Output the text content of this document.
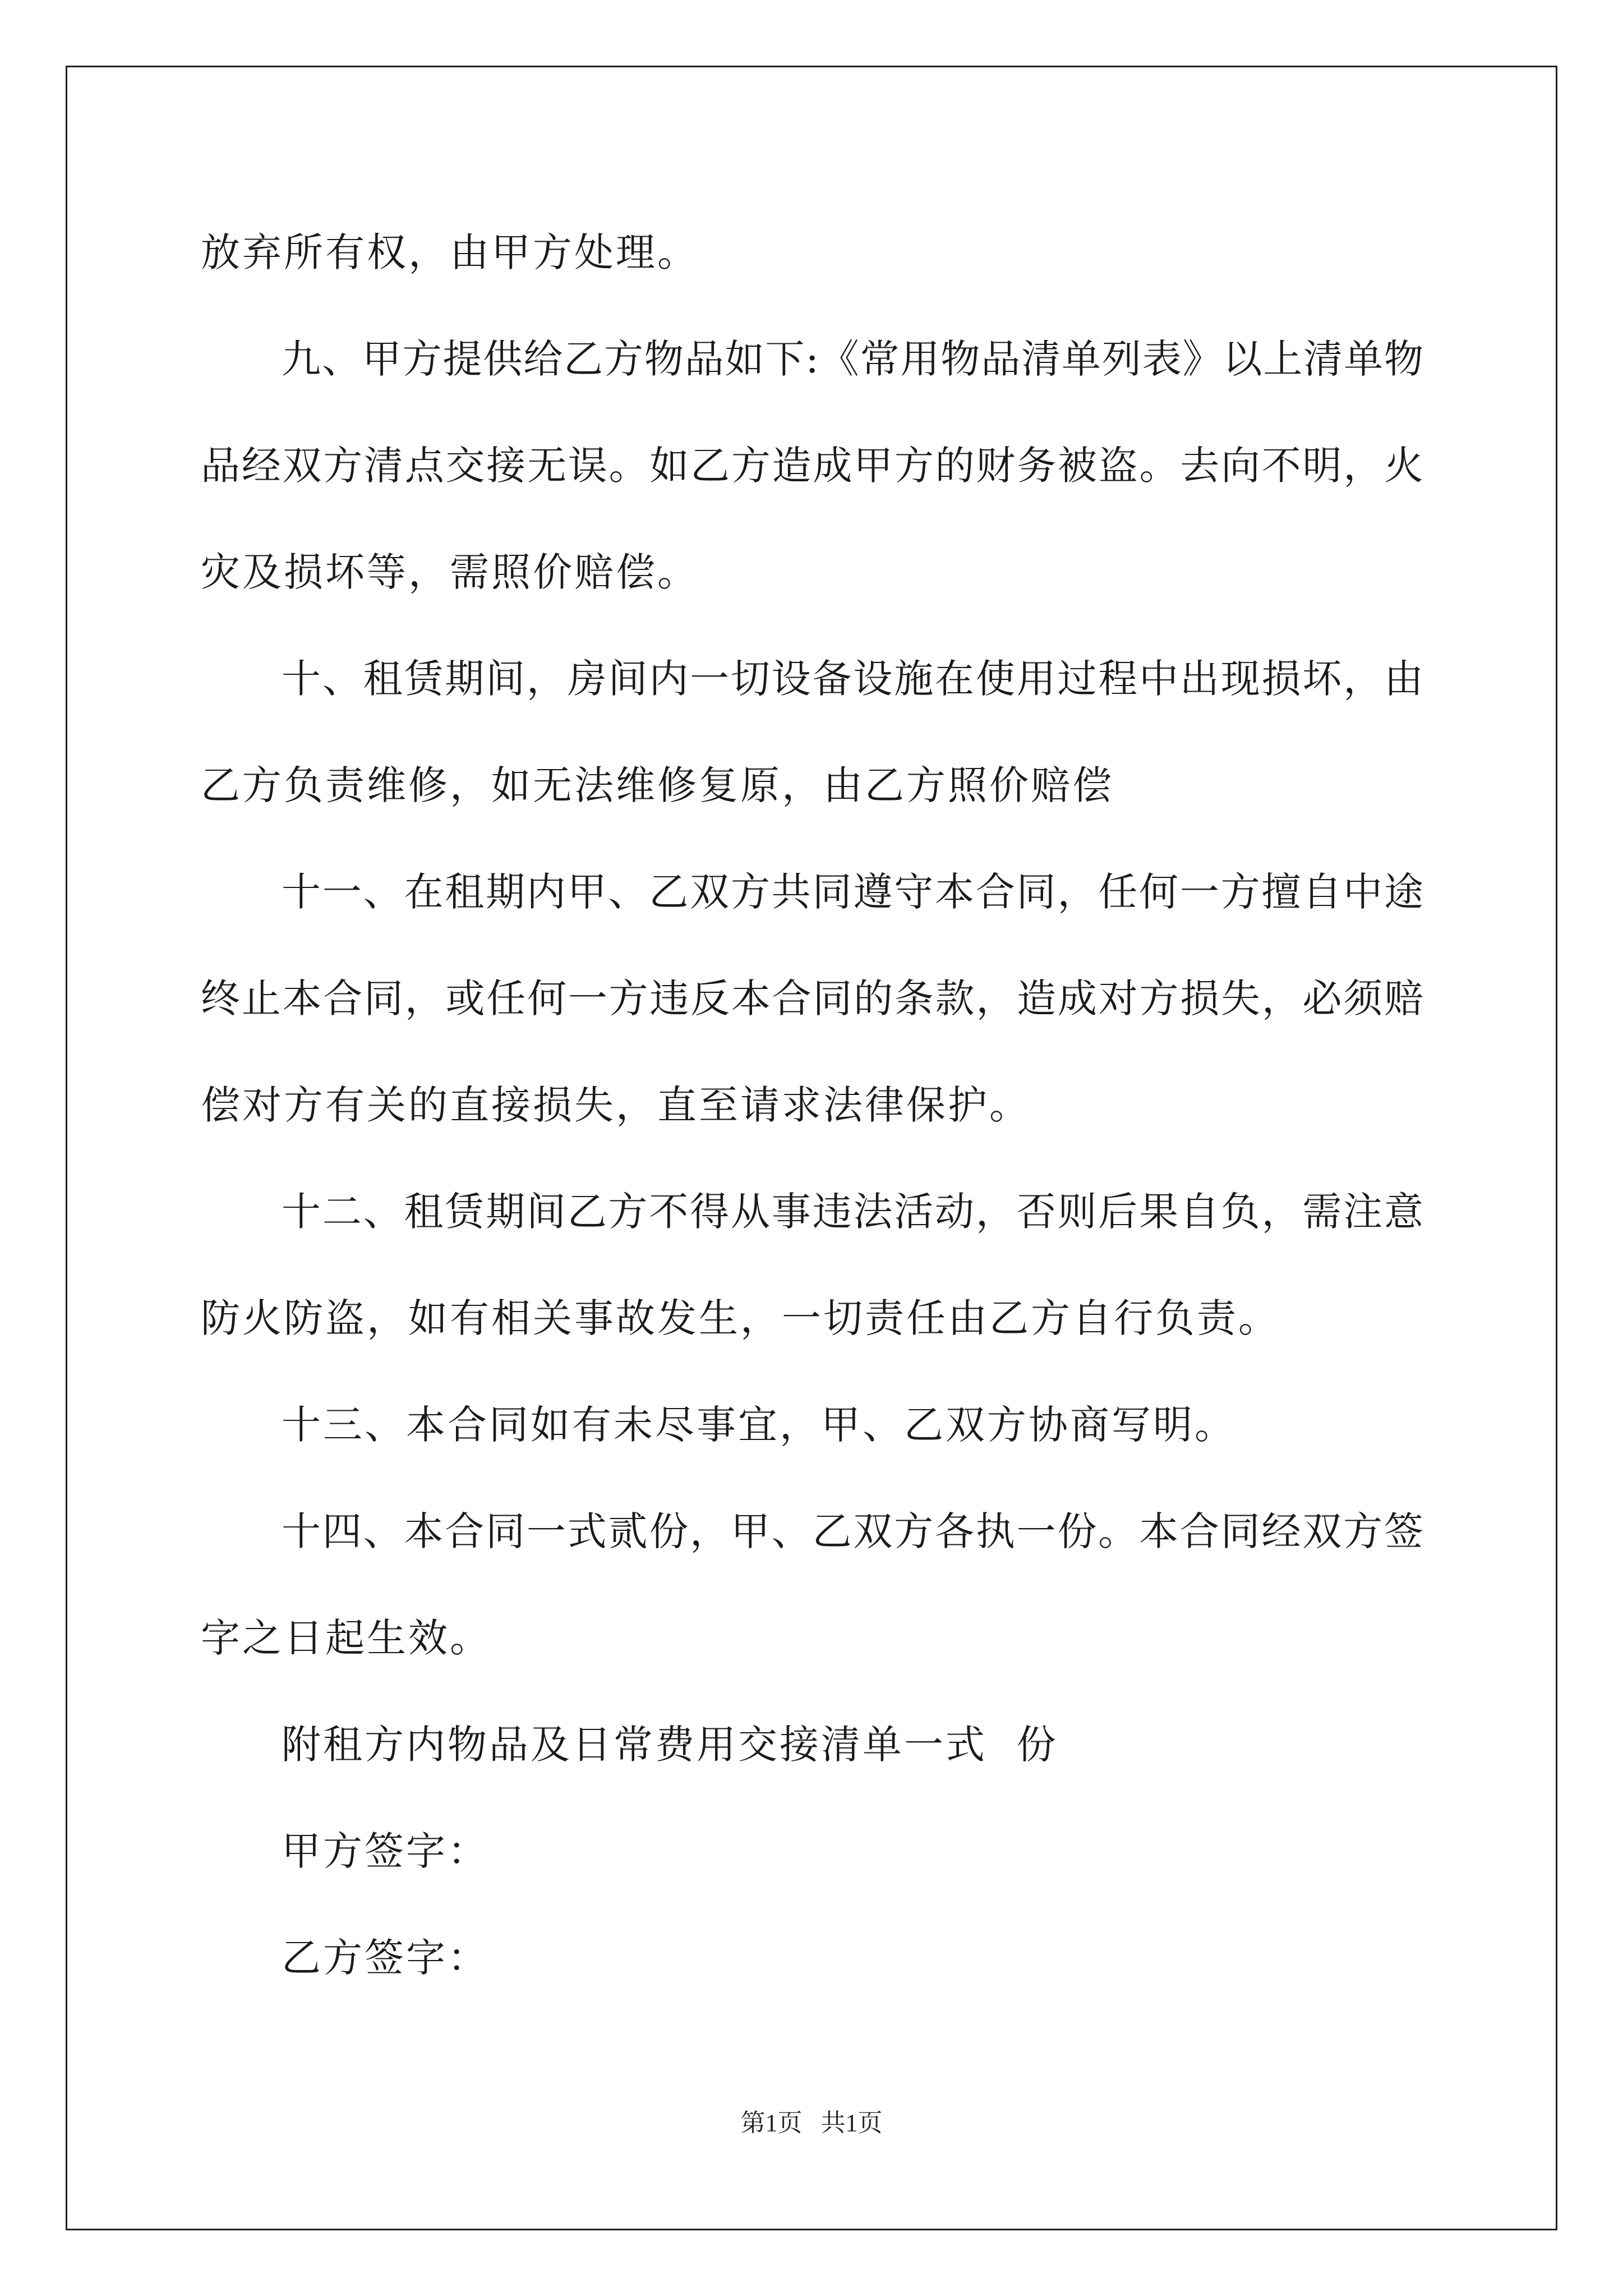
放弃所有权，由甲方处理。
九、甲方提供给乙方物品如下:《常用物品清单列表》以上清单物
品经双方清点交接无误。如乙方造成甲方的财务被盗。去向不明，火
灾及损坏等，需照价赔偿。
十、租赁期间，房间内一切设备设施在使用过程中出现损坏，由
乙方负责维修，如无法维修复原，由乙方照价赔偿
十一、在租期内甲、乙双方共同遵守本合同，任何一方擅自中途
终止本合同，或任何一方违反本合同的条款，造成对方损失，必须赔
偿对方有关的直接损失，直至请求法律保护。
十二、租赁期间乙方不得从事违法活动，否则后果自负，需注意
防火防盗，如有相关事故发生，一切责任由乙方自行负责。
十三、本合同如有未尽事宜，甲、乙双方协商写明。
十四、本合同一式贰份，甲、乙双方各执一份。本合同经双方签
字之日起生效。
附租方内物品及日常费用交接清单一式  份
甲方签字：
乙方签字：
第1页   共1页
